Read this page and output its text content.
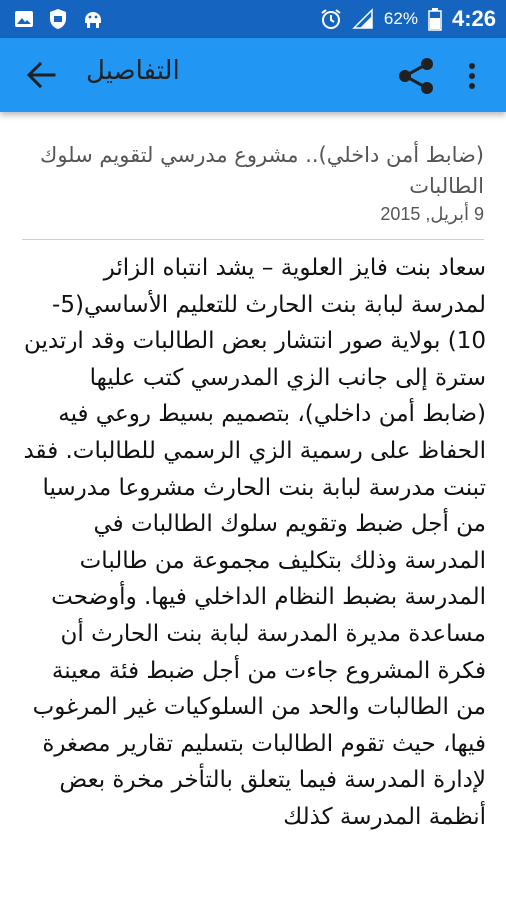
62% 4:26
التفاصيل

(ضابط أمن داخلي).. مشروع مدرسي لتقويم سلوك الطالبات

9 أبريل, 2015

سعاد بنت فايز العلوية – يشد انتباه الزائر لمدرسة لبابة بنت الحارث للتعليم الأساسي(5-10) بولاية صور انتشار بعض الطالبات وقد ارتدين سترة إلى جانب الزي المدرسي كتب عليها (ضابط أمن داخلي)، بتصميم بسيط روعي فيه الحفاظ على رسمية الزي الرسمي للطالبات. فقد تبنت مدرسة لبابة بنت الحارث مشروعا مدرسيا من أجل ضبط وتقويم سلوك الطالبات في المدرسة وذلك بتكليف مجموعة من طالبات المدرسة بضبط النظام الداخلي فيها. وأوضحت مساعدة مديرة المدرسة لبابة بنت الحارث أن فكرة المشروع جاءت من أجل ضبط فئة معينة من الطالبات والحد من السلوكيات غير المرغوب فيها، حيث تقوم الطالبات بتسليم تقارير مصغرة لإدارة المدرسة فيما يتعلق بالتأخر مخرة بعض أنظمة المدرسة كذلك
